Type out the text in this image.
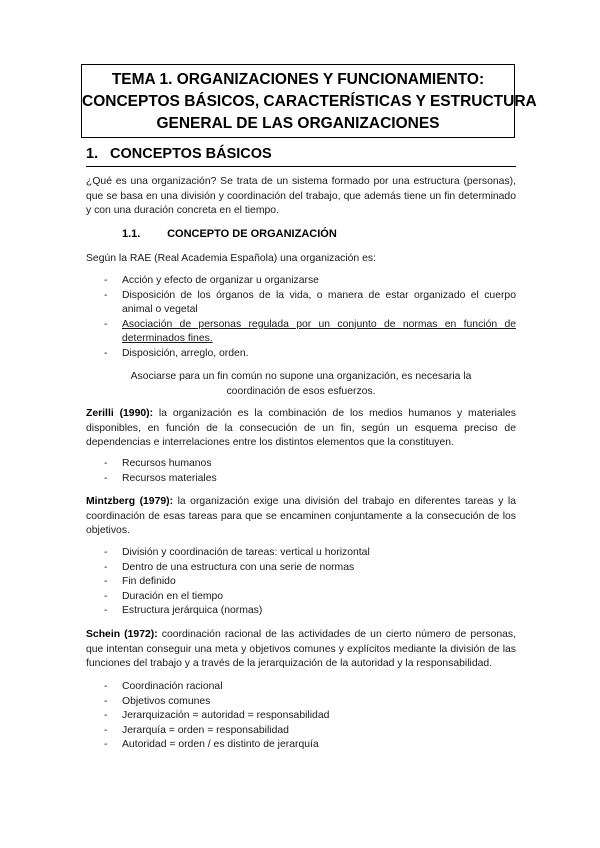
TEMA 1. ORGANIZACIONES Y FUNCIONAMIENTO:
CONCEPTOS BÁSICOS, CARACTERÍSTICAS Y ESTRUCTURA
GENERAL DE LAS ORGANIZACIONES
1. CONCEPTOS BÁSICOS

¿Qué es una organización? Se trata de un sistema formado por una estructura (personas), que se basa en una división y coordinación del trabajo, que además tiene un fin determinado y con una duración concreta en el tiempo.

1.1. CONCEPTO DE ORGANIZACIÓN

Según la RAE (Real Academia Española) una organización es:

- Acción y efecto de organizar u organizarse
- Disposición de los órganos de la vida, o manera de estar organizado el cuerpo animal o vegetal
- Asociación de personas regulada por un conjunto de normas en función de determinados fines.
- Disposición, arreglo, orden.

Asociarse para un fin común no supone una organización, es necesaria la coordinación de esos esfuerzos.

Zerilli (1990): la organización es la combinación de los medios humanos y materiales disponibles, en función de la consecución de un fin, según un esquema preciso de dependencias e interrelaciones entre los distintos elementos que la constituyen.

- Recursos humanos
- Recursos materiales

Mintzberg (1979): la organización exige una división del trabajo en diferentes tareas y la coordinación de esas tareas para que se encaminen conjuntamente a la consecución de los objetivos.

- División y coordinación de tareas: vertical u horizontal
- Dentro de una estructura con una serie de normas
- Fin definido
- Duración en el tiempo
- Estructura jerárquica (normas)

Schein (1972): coordinación racional de las actividades de un cierto número de personas, que intentan conseguir una meta y objetivos comunes y explícitos mediante la división de las funciones del trabajo y a través de la jerarquización de la autoridad y la responsabilidad.

- Coordinación racional
- Objetivos comunes
- Jerarquización = autoridad = responsabilidad
- Jerarquía = orden = responsabilidad
- Autoridad = orden / es distinto de jerarquía
